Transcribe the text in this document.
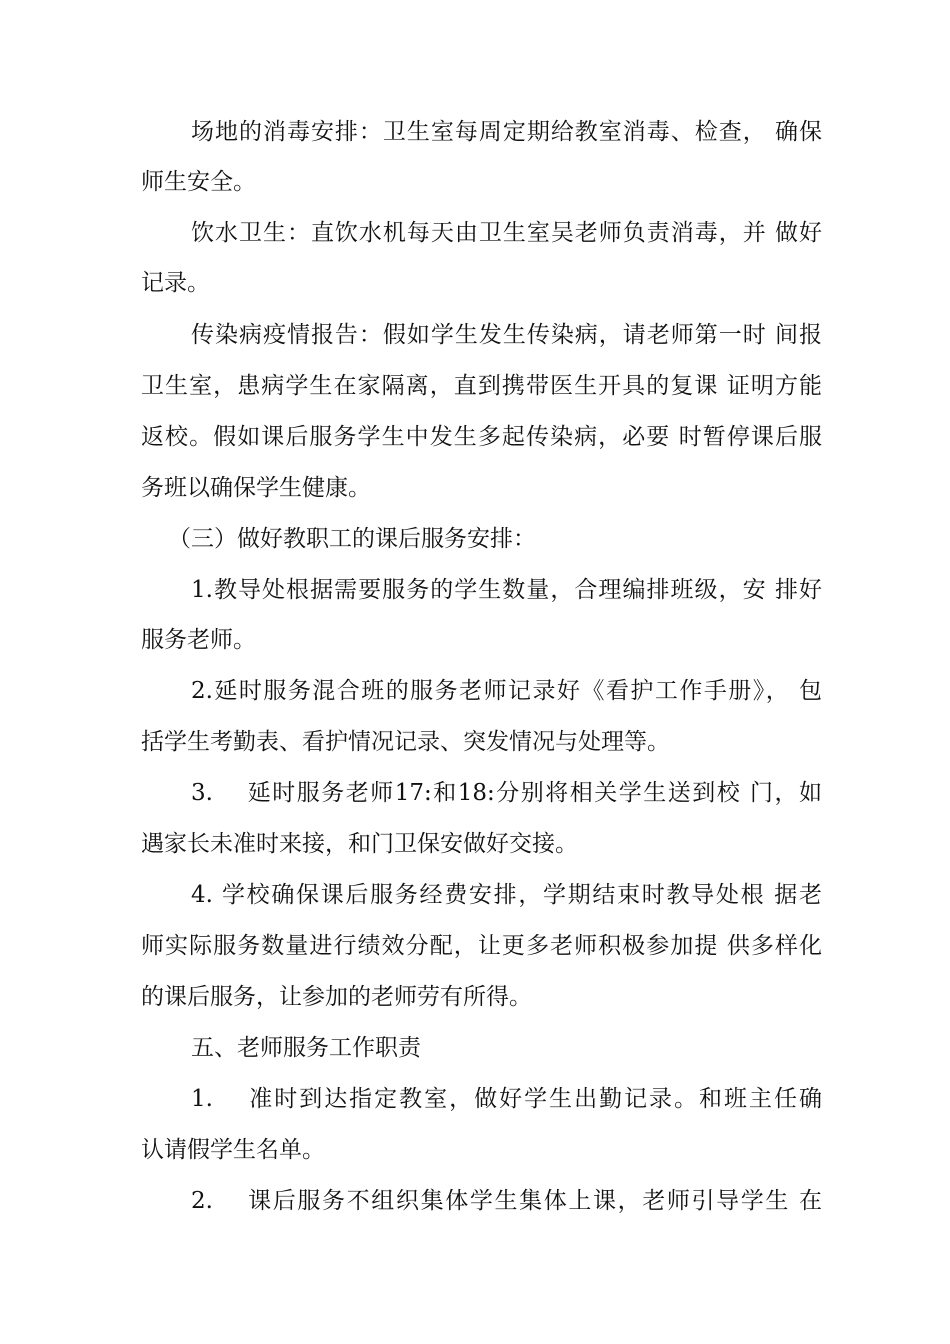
场地的消毒安排：卫生室每周定期给教室消毒、检查， 确保
师生安全。
饮水卫生：直饮水机每天由卫生室吴老师负责消毒，并 做好
记录。
传染病疫情报告：假如学生发生传染病，请老师第一时 间报
卫生室，患病学生在家隔离，直到携带医生开具的复课 证明方能
返校。假如课后服务学生中发生多起传染病，必要 时暂停课后服
务班以确保学生健康。
（三）做好教职工的课后服务安排：
1.教导处根据需要服务的学生数量，合理编排班级，安 排好
服务老师。
2.延时服务混合班的服务老师记录好《看护工作手册》， 包
括学生考勤表、看护情况记录、突发情况与处理等。
3.　 延时服务老师17:和18:分别将相关学生送到校 门，如
遇家长未准时来接，和门卫保安做好交接。
4. 学校确保课后服务经费安排，学期结束时教导处根 据老
师实际服务数量进行绩效分配，让更多老师积极参加提 供多样化
的课后服务，让参加的老师劳有所得。
五、老师服务工作职责
1.　 准时到达指定教室，做好学生出勤记录。和班主任确
认请假学生名单。
2.　 课后服务不组织集体学生集体上课，老师引导学生 在
